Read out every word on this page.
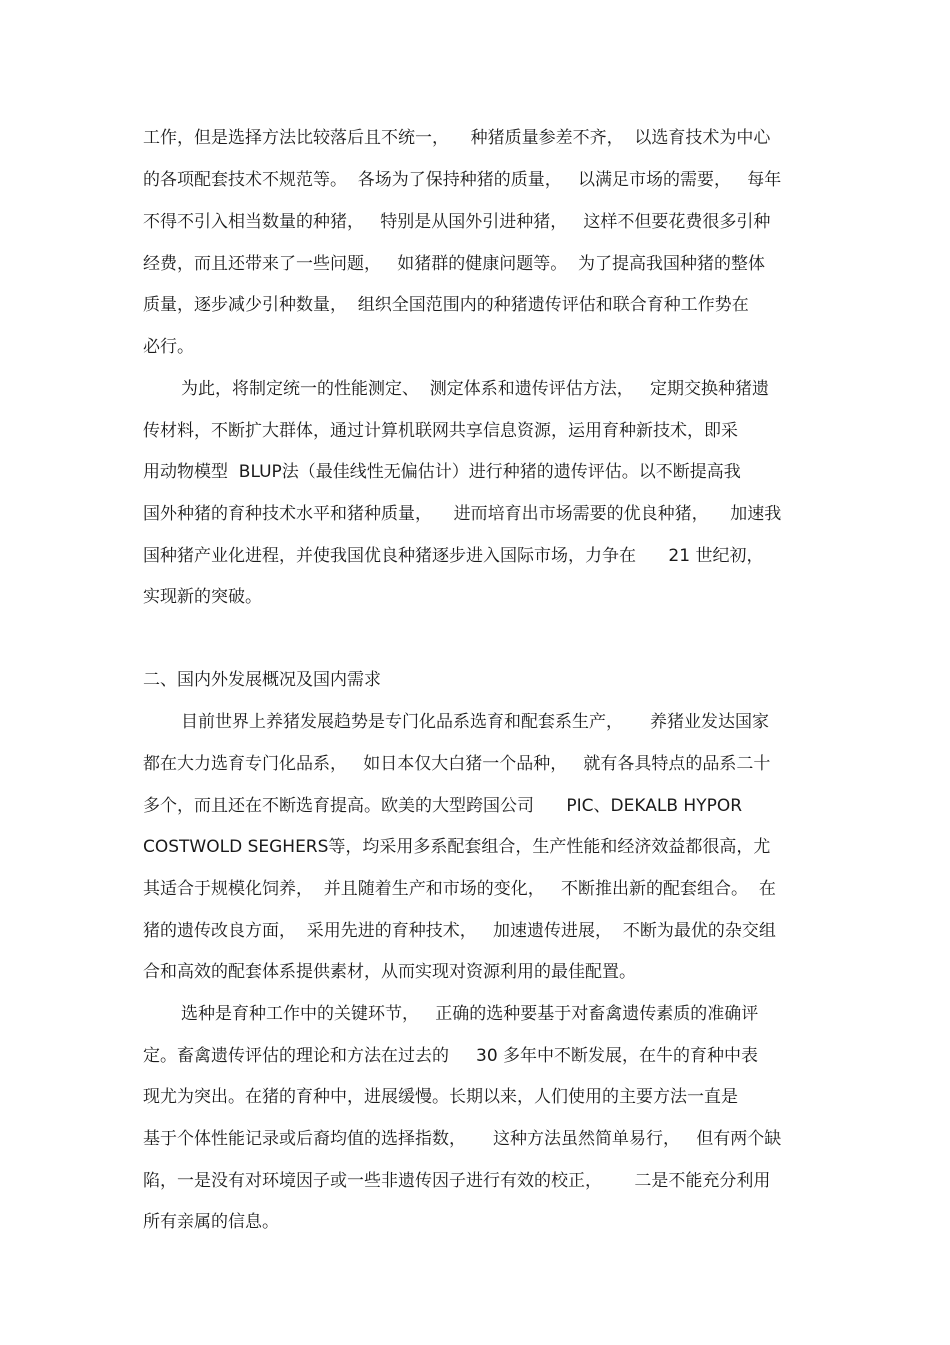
工作，但是选择方法比较落后且不统一，    种猪质量参差不齐，  以选育技术为中心
的各项配套技术不规范等。  各场为了保持种猪的质量，   以满足市场的需要，   每年
不得不引入相当数量的种猪，   特别是从国外引进种猪，   这样不但要花费很多引种
经费，而且还带来了一些问题，   如猪群的健康问题等。  为了提高我国种猪的整体
质量，逐步减少引种数量，  组织全国范围内的种猪遗传评估和联合育种工作势在
必行。
为此，将制定统一的性能测定、  测定体系和遗传评估方法，   定期交换种猪遗
传材料，不断扩大群体，通过计算机联网共享信息资源，运用育种新技术，即采
用动物模型  BLUP法（最佳线性无偏估计）进行种猪的遗传评估。以不断提高我
国外种猪的育种技术水平和猪种质量，    进而培育出市场需要的优良种猪，    加速我
国种猪产业化进程，并使我国优良种猪逐步进入国际市场，力争在      21 世纪初，
实现新的突破。
二、国内外发展概况及国内需求
目前世界上养猪发展趋势是专门化品系选育和配套系生产，     养猪业发达国家
都在大力选育专门化品系，   如日本仅大白猪一个品种，   就有各具特点的品系二十
多个，而且还在不断选育提高。欧美的大型跨国公司      PIC、DEKALB HYPOR
COSTWOLD SEGHERS等，均采用多系配套组合，生产性能和经济效益都很高，尤
其适合于规模化饲养，  并且随着生产和市场的变化，   不断推出新的配套组合。  在
猪的遗传改良方面，  采用先进的育种技术，   加速遗传进展，  不断为最优的杂交组
合和高效的配套体系提供素材，从而实现对资源利用的最佳配置。
选种是育种工作中的关键环节，   正确的选种要基于对畜禽遗传素质的准确评
定。畜禽遗传评估的理论和方法在过去的     30 多年中不断发展，在牛的育种中表
现尤为突出。在猪的育种中，进展缓慢。长期以来，人们使用的主要方法一直是
基于个体性能记录或后裔均值的选择指数，     这种方法虽然简单易行，   但有两个缺
陷，一是没有对环境因子或一些非遗传因子进行有效的校正，      二是不能充分利用
所有亲属的信息。
